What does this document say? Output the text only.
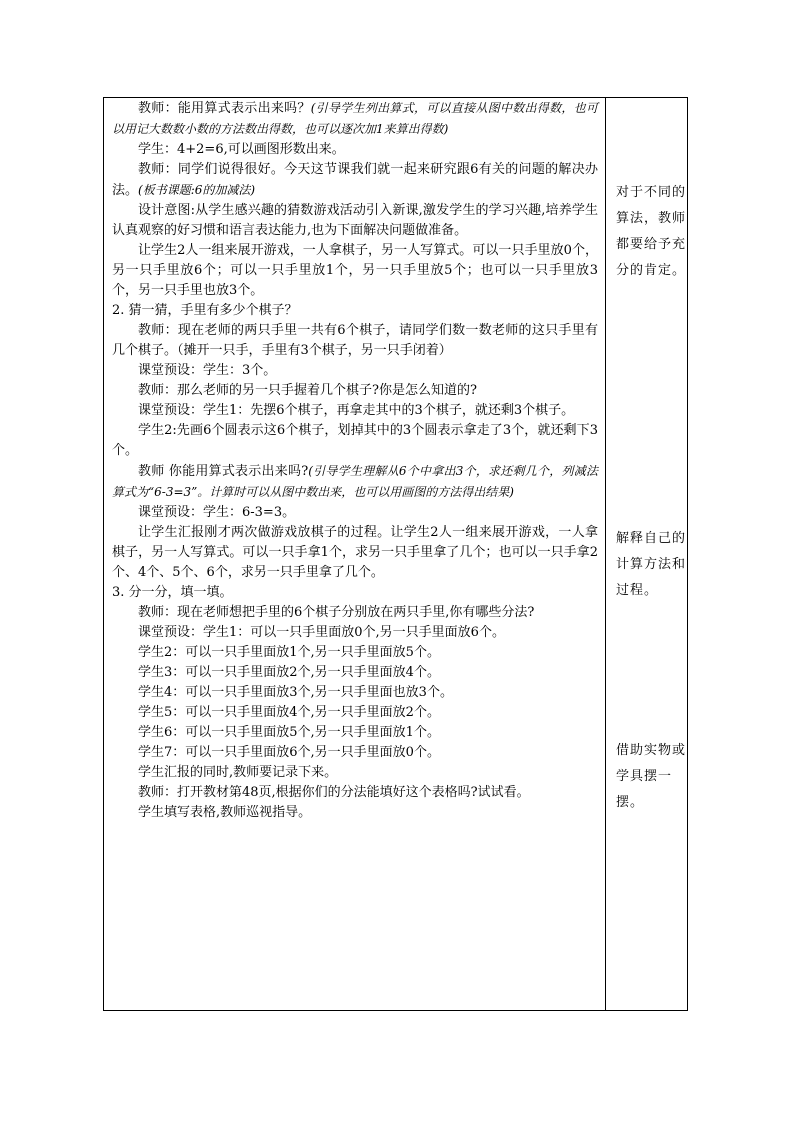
教师：能用算式表示出来吗？(引导学生列出算式，可以直接从图中数出得数，也可以用记大数数小数的方法数出得数，也可以逐次加1来算出得数)

学生：4+2=6,可以画图形数出来。

教师：同学们说得很好。今天这节课我们就一起来研究跟6有关的问题的解决办法。(板书课题:6的加减法)

设计意图:从学生感兴趣的猜数游戏活动引入新课,激发学生的学习兴趣,培养学生认真观察的好习惯和语言表达能力,也为下面解决问题做准备。

让学生2人一组来展开游戏，一人拿棋子，另一人写算式。可以一只手里放0个，另一只手里放6个；可以一只手里放1个，另一只手里放5个；也可以一只手里放3个，另一只手里也放3个。

2. 猜一猜，手里有多少个棋子？

教师：现在老师的两只手里一共有6个棋子，请同学们数一数老师的这只手里有几个棋子。（摊开一只手，手里有3个棋子，另一只手闭着）

课堂预设：学生：3个。

教师：那么老师的另一只手握着几个棋子?你是怎么知道的?

课堂预设：学生1：先摆6个棋子，再拿走其中的3个棋子，就还剩3个棋子。

学生2:先画6个圆表示这6个棋子，划掉其中的3个圆表示拿走了3个，就还剩下3个。

教师 你能用算式表示出来吗?(引导学生理解从6个中拿出3个，求还剩几个，列减法算式为“6-3=3”。计算时可以从图中数出来，也可以用画图的方法得出结果)

课堂预设：学生：6-3=3。

让学生汇报刚才两次做游戏放棋子的过程。让学生2人一组来展开游戏，一人拿棋子，另一人写算式。可以一只手拿1个，求另一只手里拿了几个；也可以一只手拿2个、4个、5个、6个，求另一只手里拿了几个。

3. 分一分，填一填。

教师：现在老师想把手里的6个棋子分别放在两只手里,你有哪些分法?

课堂预设：学生1：可以一只手里面放0个,另一只手里面放6个。

学生2：可以一只手里面放1个,另一只手里面放5个。

学生3：可以一只手里面放2个,另一只手里面放4个。

学生4：可以一只手里面放3个,另一只手里面也放3个。

学生5：可以一只手里面放4个,另一只手里面放2个。

学生6：可以一只手里面放5个,另一只手里面放1个。

学生7：可以一只手里面放6个,另一只手里面放0个。

学生汇报的同时,教师要记录下来。

教师：打开教材第48页,根据你们的分法能填好这个表格吗?试试看。

学生填写表格,教师巡视指导。

对于不同的算法，教师都要给予充分的肯定。
解释自己的计算方法和过程。
借助实物或学具摆一摆。
